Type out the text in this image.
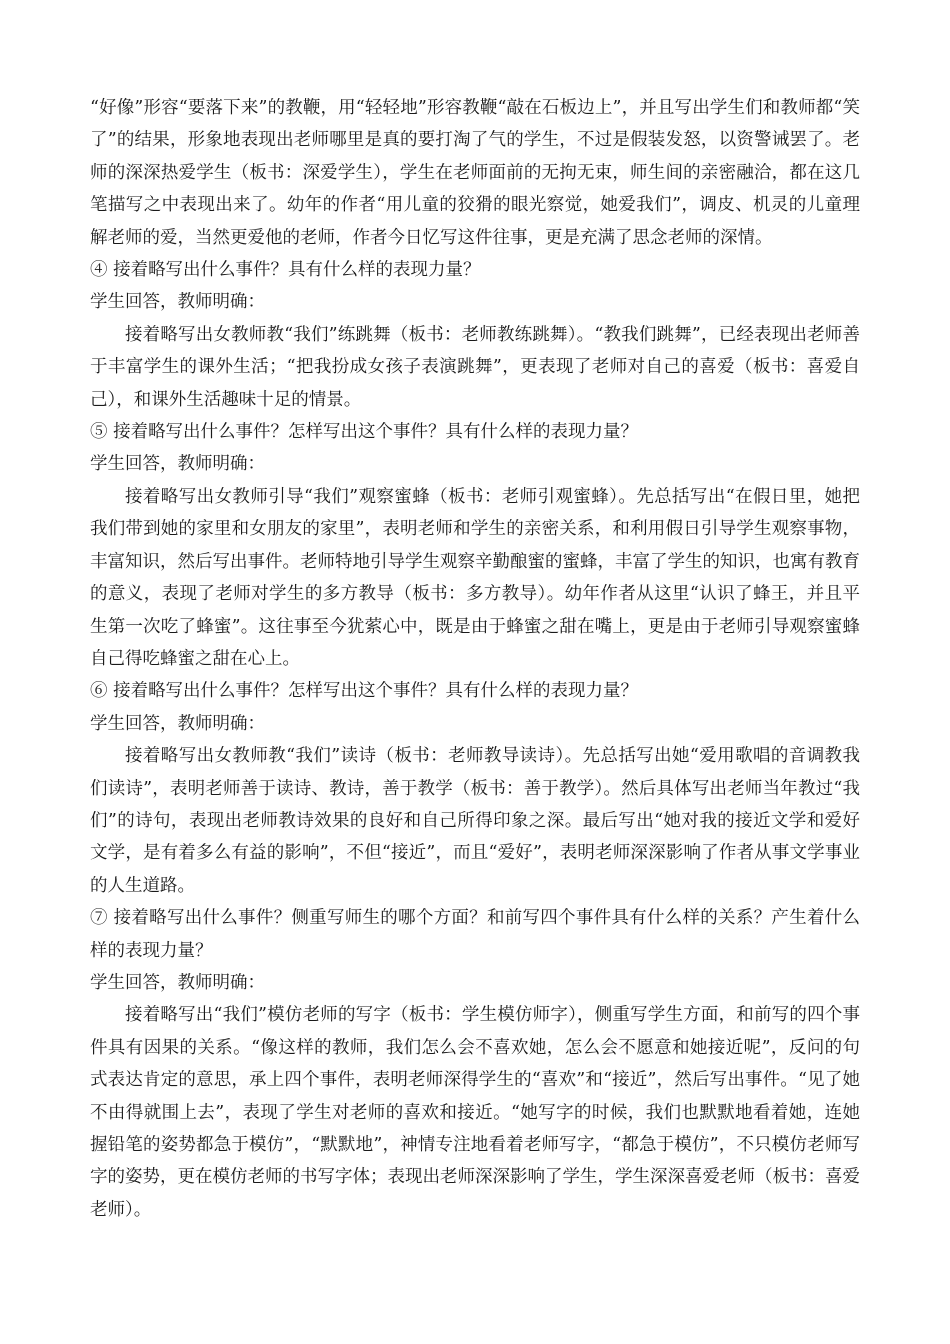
“好像”形容“要落下来”的教鞭，用“轻轻地”形容教鞭“敲在石板边上”，并且写出学生们和教师都“笑了”的结果，形象地表现出老师哪里是真的要打淘了气的学生，不过是假装发怒，以资警诫罢了。老师的深深热爱学生（板书：深爱学生），学生在老师面前的无拘无束，师生间的亲密融洽，都在这几笔描写之中表现出来了。幼年的作者“用儿童的狡猾的眼光察觉，她爱我们”，调皮、机灵的儿童理解老师的爱，当然更爱他的老师，作者今日忆写这件往事，更是充满了思念老师的深情。

④ 接着略写出什么事件？具有什么样的表现力量？

学生回答，教师明确：

接着略写出女教师教“我们”练跳舞（板书：老师教练跳舞）。“教我们跳舞”，已经表现出老师善于丰富学生的课外生活；“把我扮成女孩子表演跳舞”，更表现了老师对自己的喜爱（板书：喜爱自己），和课外生活趣味十足的情景。

⑤ 接着略写出什么事件？怎样写出这个事件？具有什么样的表现力量？

学生回答，教师明确：

接着略写出女教师引导“我们”观察蜜蜂（板书：老师引观蜜蜂）。先总括写出“在假日里，她把我们带到她的家里和女朋友的家里”，表明老师和学生的亲密关系，和利用假日引导学生观察事物，丰富知识，然后写出事件。老师特地引导学生观察辛勤酿蜜的蜜蜂，丰富了学生的知识，也寓有教育的意义，表现了老师对学生的多方教导（板书：多方教导）。幼年作者从这里“认识了蜂王，并且平生第一次吃了蜂蜜”。这往事至今犹萦心中，既是由于蜂蜜之甜在嘴上，更是由于老师引导观察蜜蜂自己得吃蜂蜜之甜在心上。

⑥ 接着略写出什么事件？怎样写出这个事件？具有什么样的表现力量？

学生回答，教师明确：

接着略写出女教师教“我们”读诗（板书：老师教导读诗）。先总括写出她“爱用歌唱的音调教我们读诗”，表明老师善于读诗、教诗，善于教学（板书：善于教学）。然后具体写出老师当年教过“我们”的诗句，表现出老师教诗效果的良好和自己所得印象之深。最后写出“她对我的接近文学和爱好文学，是有着多么有益的影响”，不但“接近”，而且“爱好”，表明老师深深影响了作者从事文学事业的人生道路。

⑦ 接着略写出什么事件？侧重写师生的哪个方面？和前写四个事件具有什么样的关系？产生着什么样的表现力量？

学生回答，教师明确：

接着略写出“我们”模仿老师的写字（板书：学生模仿师字），侧重写学生方面，和前写的四个事件具有因果的关系。“像这样的教师，我们怎么会不喜欢她，怎么会不愿意和她接近呢”，反问的句式表达肯定的意思，承上四个事件，表明老师深得学生的“喜欢”和“接近”，然后写出事件。“见了她不由得就围上去”，表现了学生对老师的喜欢和接近。“她写字的时候，我们也默默地看着她，连她握铅笔的姿势都急于模仿”，“默默地”，神情专注地看着老师写字，“都急于模仿”，不只模仿老师写字的姿势，更在模仿老师的书写字体；表现出老师深深影响了学生，学生深深喜爱老师（板书：喜爱老师）。
